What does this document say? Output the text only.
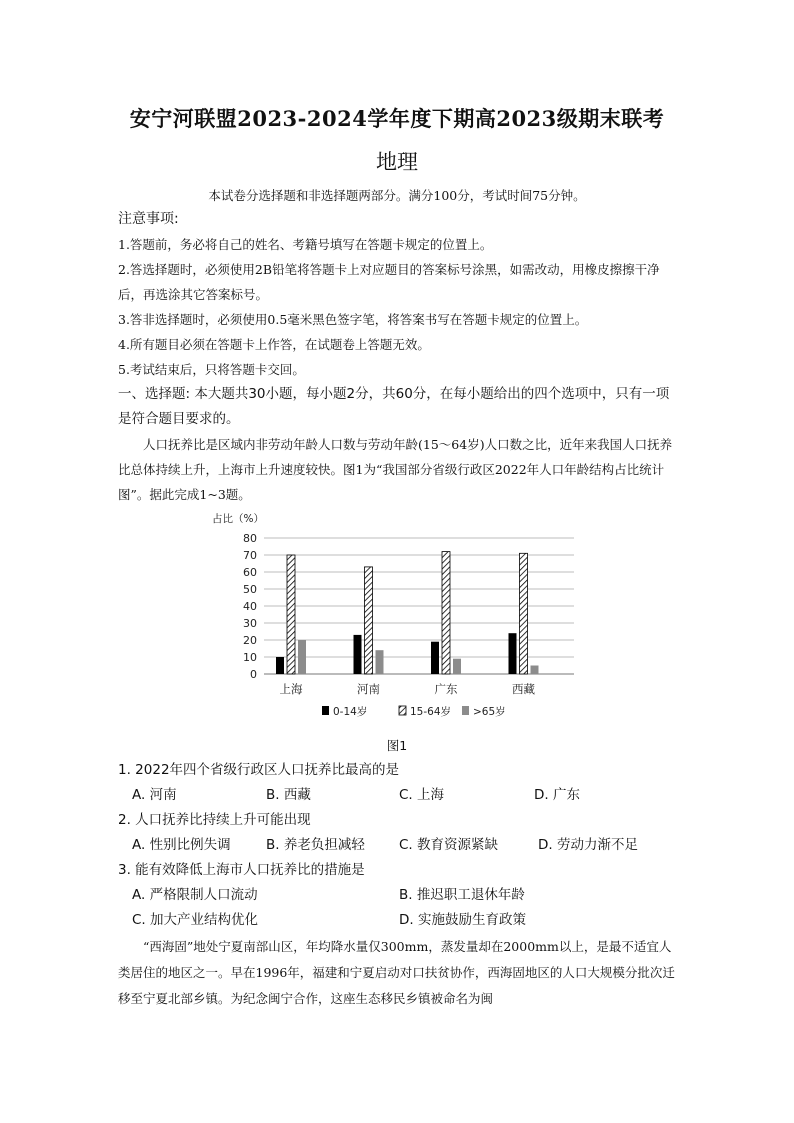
安宁河联盟2023-2024学年度下期高2023级期末联考
地理
本试卷分选择题和非选择题两部分。满分100分，考试时间75分钟。

注意事项:

1.答题前，务必将自己的姓名、考籍号填写在答题卡规定的位置上。

2.答选择题时，必须使用2B铅笔将答题卡上对应题目的答案标号涂黑，如需改动，用橡皮擦擦干净后，再选涂其它答案标号。

3.答非选择题时，必须使用0.5毫米黑色签字笔，将答案书写在答题卡规定的位置上。

4.所有题目必须在答题卡上作答，在试题卷上答题无效。

5.考试结束后，只将答题卡交回。

一、选择题: 本大题共30小题，每小题2分，共60分，在每小题给出的四个选项中，只有一项是符合题目要求的。

人口抚养比是区域内非劳动年龄人口数与劳动年龄(15～64岁)人口数之比，近年来我国人口抚养比总体持续上升，上海市上升速度较快。图1为“我国部分省级行政区2022年人口年龄结构占比统计图”。据此完成1~3题。

占比（%）
0
10
20
30
40
50
60
70
80
上海	河南	广东	西藏
0-14岁	15-64岁 >65岁
图1

1. 2022年四个省级行政区人口抚养比最高的是

A. 河南	B. 西藏	C. 上海	D. 广东

2. 人口抚养比持续上升可能出现

A. 性别比例失调	B. 养老负担减轻	C. 教育资源紧缺	D. 劳动力渐不足

3. 能有效降低上海市人口抚养比的措施是

A. 严格限制人口流动	B. 推迟职工退休年龄
C. 加大产业结构优化	D. 实施鼓励生育政策

“西海固”地处宁夏南部山区，年均降水量仅300mm，蒸发量却在2000mm以上，是最不适宜人类居住的地区之一。早在1996年，福建和宁夏启动对口扶贫协作，西海固地区的人口大规模分批次迁移至宁夏北部乡镇。为纪念闽宁合作，这座生态移民乡镇被命名为闽
